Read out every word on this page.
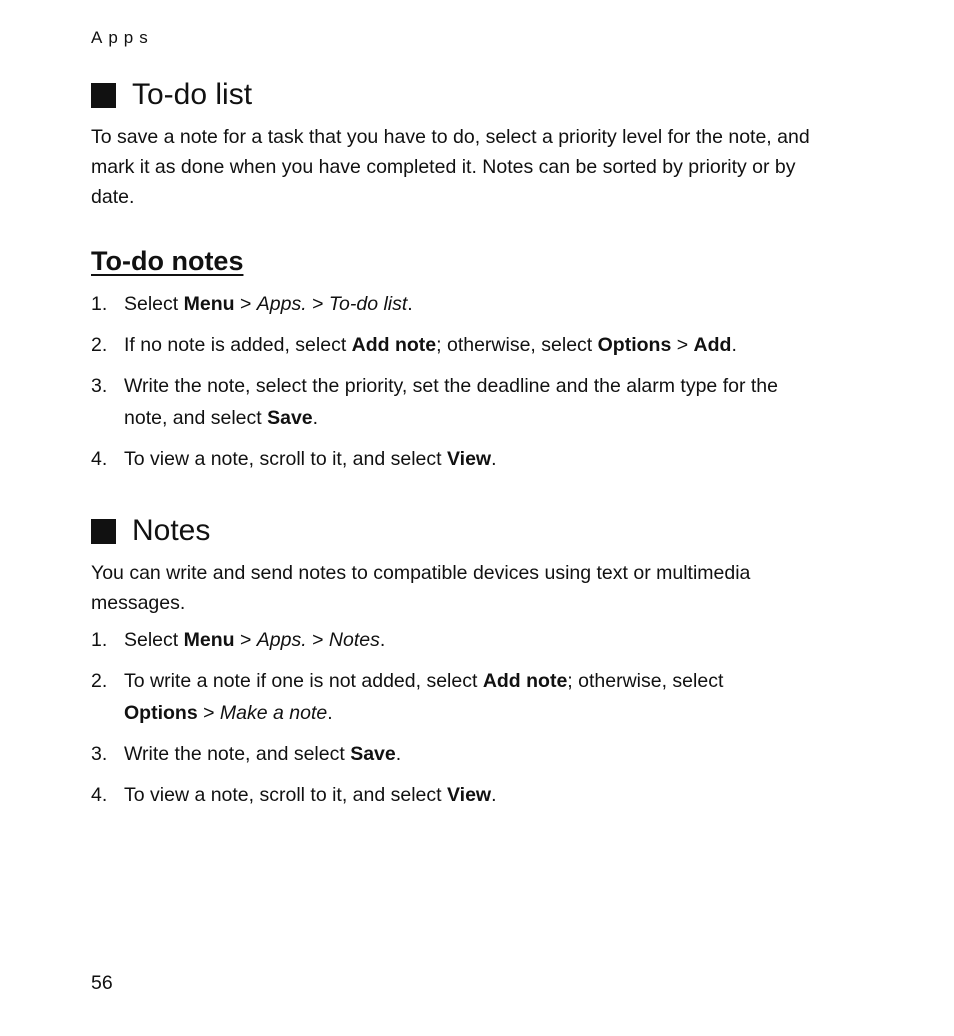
Apps
To-do list

To save a note for a task that you have to do, select a priority level for the note, and mark it as done when you have completed it. Notes can be sorted by priority or by date.

To-do notes
1. Select Menu > Apps. > To-do list.
2. If no note is added, select Add note; otherwise, select Options > Add.
3. Write the note, select the priority, set the deadline and the alarm type for the note, and select Save.
4. To view a note, scroll to it, and select View.
Notes

You can write and send notes to compatible devices using text or multimedia messages.

1. Select Menu > Apps. > Notes.
2. To write a note if one is not added, select Add note; otherwise, select Options > Make a note.
3. Write the note, and select Save.
4. To view a note, scroll to it, and select View.
56
